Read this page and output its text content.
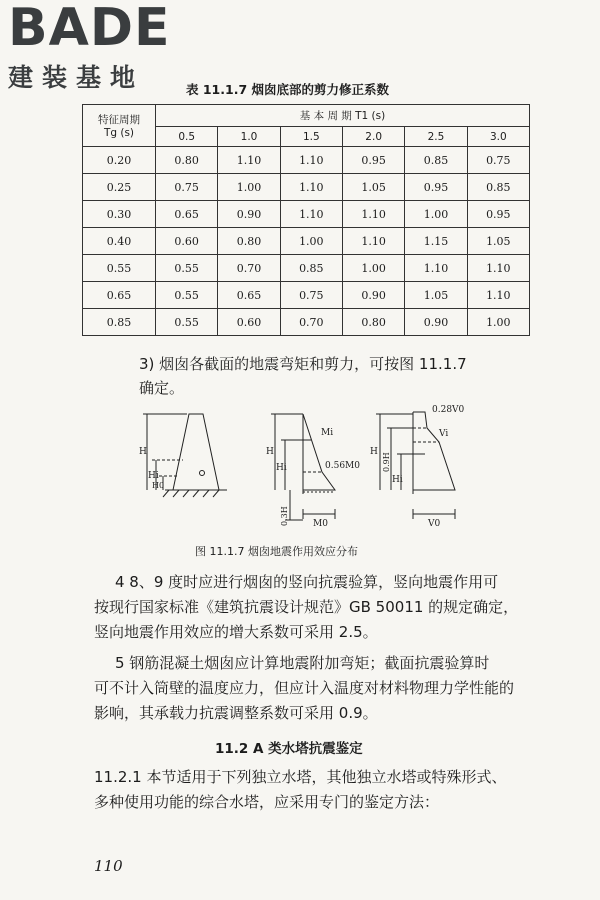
BADE
建装基地	表 11.1.7 烟囱底部的剪力修正系数
特征周期
Tg (s)	基 本 周 期 T1 (s)					
	0.5	1.0	1.5	2.0	2.5	3.0
0.20	0.80	1.10	1.10	0.95	0.85	0.75
0.25	0.75	1.00	1.10	1.05	0.95	0.85
0.30	0.65	0.90	1.10	1.10	1.00	0.95
0.40	0.60	0.80	1.00	1.10	1.15	1.05
0.55	0.55	0.70	0.85	1.00	1.10	1.10
0.65	0.55	0.65	0.75	0.90	1.05	1.10
0.85	0.55	0.60	0.70	0.80	0.90	1.00
3) 烟囱各截面的地震弯矩和剪力，可按图 11.1.7
确定。
H
Hi
H0
Mi
0.56M0
H
Hi
M0
0.3H
0.28V0
Vi
H
0.9H
Hi
V0
图 11.1.7 烟囱地震作用效应分布
4 8、9 度时应进行烟囱的竖向抗震验算，竖向地震作用可
按现行国家标准《建筑抗震设计规范》GB 50011 的规定确定，
竖向地震作用效应的增大系数可采用 2.5。
5 钢筋混凝土烟囱应计算地震附加弯矩；截面抗震验算时
可不计入筒壁的温度应力，但应计入温度对材料物理力学性能的
影响，其承载力抗震调整系数可采用 0.9。
11.2 A 类水塔抗震鉴定
11.2.1 本节适用于下列独立水塔，其他独立水塔或特殊形式、
多种使用功能的综合水塔，应采用专门的鉴定方法：
110
